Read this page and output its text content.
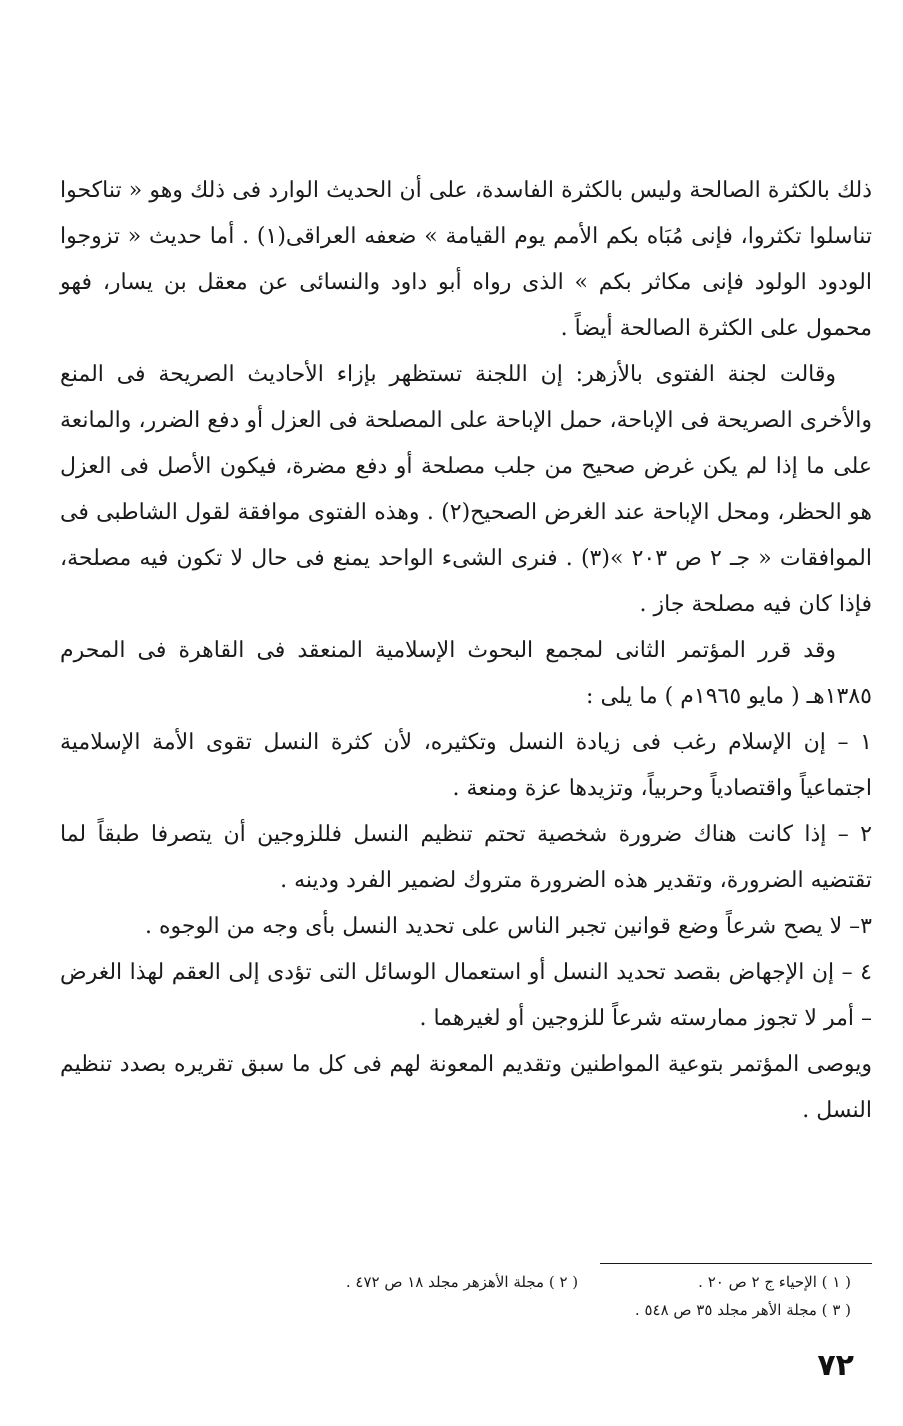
ذلك بالكثرة الصالحة وليس بالكثرة الفاسدة، على أن الحديث الوارد فى ذلك وهو « تناكحوا تناسلوا تكثروا، فإنى مُبَاه بكم الأمم يوم القيامة » ضعفه العراقى(١) . أما حديث « تزوجوا الودود الولود فإنى مكاثر بكم » الذى رواه أبو داود والنسائى عن معقل بن يسار، فهو محمول على الكثرة الصالحة أيضاً .

وقالت لجنة الفتوى بالأزهر: إن اللجنة تستظهر بإزاء الأحاديث الصريحة فى المنع والأخرى الصريحة فى الإباحة، حمل الإباحة على المصلحة فى العزل أو دفع الضرر، والمانعة على ما إذا لم يكن غرض صحيح من جلب مصلحة أو دفع مضرة، فيكون الأصل فى العزل هو الحظر، ومحل الإباحة عند الغرض الصحيح(٢) . وهذه الفتوى موافقة لقول الشاطبى فى الموافقات « جـ ٢ ص ٢٠٣ »(٣) . فنرى الشىء الواحد يمنع فى حال لا تكون فيه مصلحة، فإذا كان فيه مصلحة جاز .

وقد قرر المؤتمر الثانى لمجمع البحوث الإسلامية المنعقد فى القاهرة فى المحرم ١٣٨٥هـ ( مايو ١٩٦٥م ) ما يلى :

١ – إن الإسلام رغب فى زيادة النسل وتكثيره، لأن كثرة النسل تقوى الأمة الإسلامية اجتماعياً واقتصادياً وحربياً، وتزيدها عزة ومنعة .

٢ – إذا كانت هناك ضرورة شخصية تحتم تنظيم النسل فللزوجين أن يتصرفا طبقاً لما تقتضيه الضرورة، وتقدير هذه الضرورة متروك لضمير الفرد ودينه .

٣– لا يصح شرعاً وضع قوانين تجبر الناس على تحديد النسل بأى وجه من الوجوه .

٤ – إن الإجهاض بقصد تحديد النسل أو استعمال الوسائل التى تؤدى إلى العقم لهذا الغرض – أمر لا تجوز ممارسته شرعاً للزوجين أو لغيرهما .

ويوصى المؤتمر بتوعية المواطنين وتقديم المعونة لهم فى كل ما سبق تقريره بصدد تنظيم النسل .

( ١ ) الإحياء ج ٢ ص ٢٠ .
( ٢ ) مجلة الأهزهر مجلد ١٨ ص ٤٧٢ .
( ٣ ) مجلة الأهر مجلد ٣٥ ص ٥٤٨ .
٧٢
